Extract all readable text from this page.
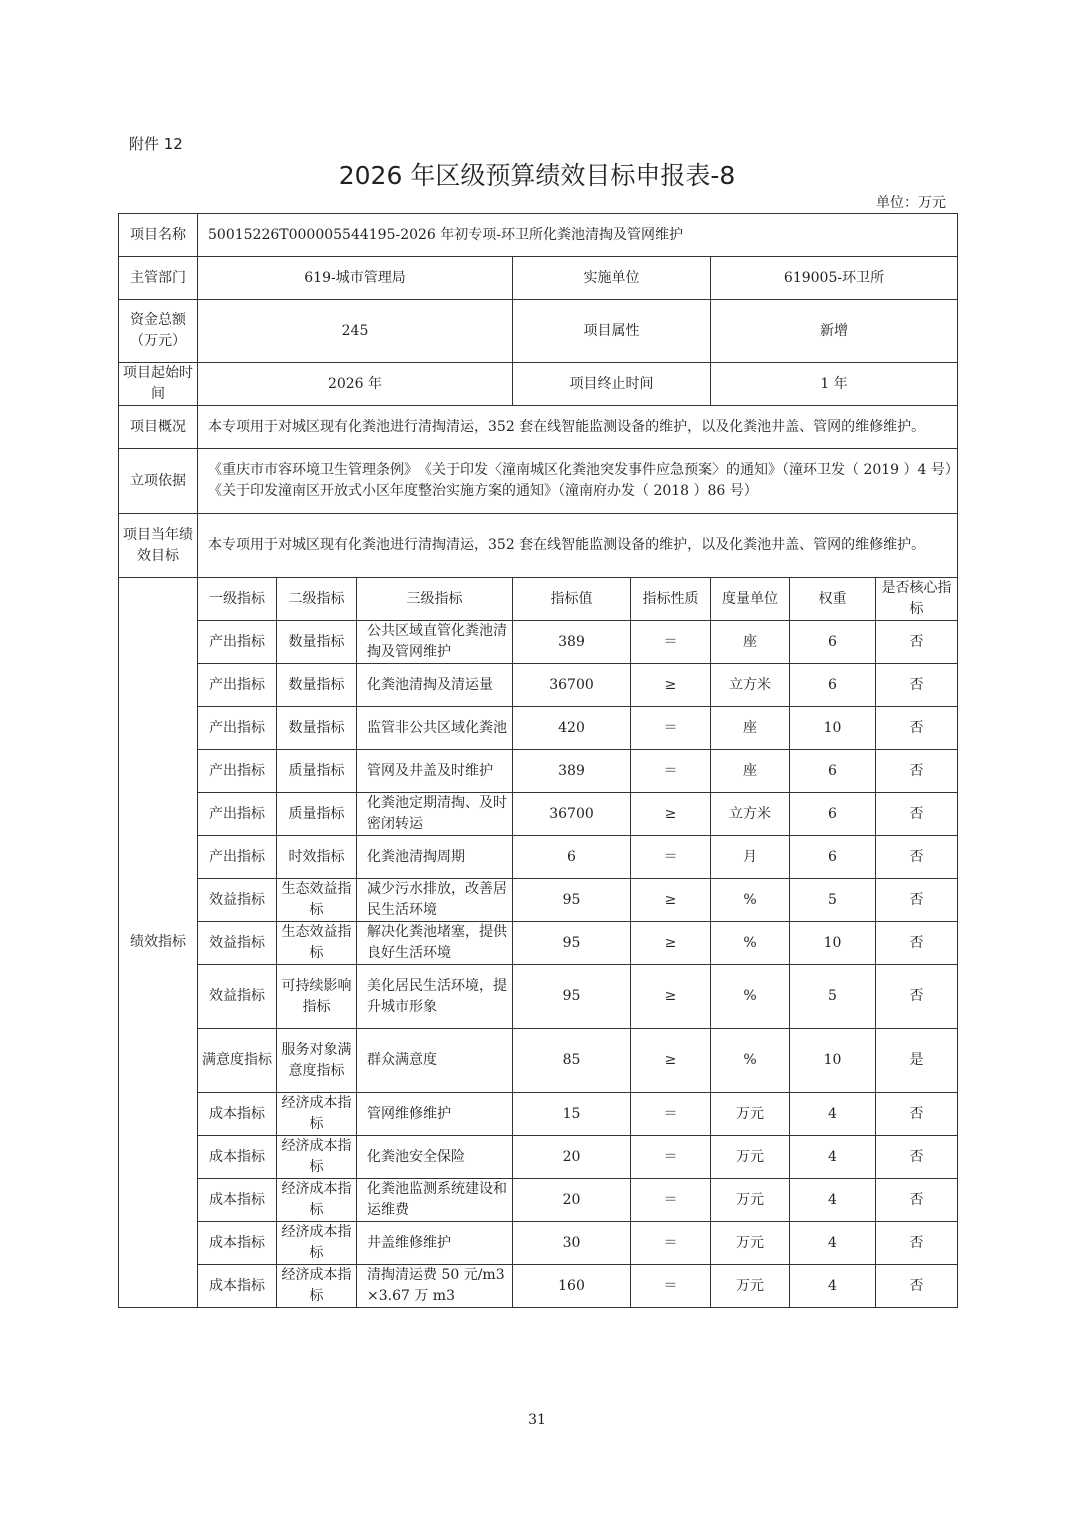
附件 12
2026 年区级预算绩效目标申报表-8
单位：万元
项目名称	50015226T000005544195-2026 年初专项-环卫所化粪池清掏及管网维护							
主管部门	619-城市管理局			实施单位		619005-环卫所		
资金总额（万元）	245			项目属性		新增		
项目起始时间	2026 年			项目终止时间		1 年		
项目概况	本专项用于对城区现有化粪池进行清掏清运，352 套在线智能监测设备的维护，以及化粪池井盖、管网的维修维护。							
立项依据	《重庆市市容环境卫生管理条例》　《关于印发〈潼南城区化粪池突发事件应急预案〉的通知》（潼环卫发（ 2019 ）4 号）　《关于印发潼南区开放式小区年度整治实施方案的通知》（潼南府办发（ 2018 ）86 号）							
项目当年绩效目标	本专项用于对城区现有化粪池进行清掏清运，352 套在线智能监测设备的维护，以及化粪池井盖、管网的维修维护。							
绩效指标	一级指标	二级指标	三级指标	指标值	指标性质	度量单位	权重	是否核心指标
	产出指标	数量指标	公共区域直管化粪池清掏及管网维护	389	＝	座	6	否
	产出指标	数量指标	化粪池清掏及清运量	36700	≥	立方米	6	否
	产出指标	数量指标	监管非公共区域化粪池	420	＝	座	10	否
	产出指标	质量指标	管网及井盖及时维护	389	＝	座	6	否
	产出指标	质量指标	化粪池定期清掏、及时密闭转运	36700	≥	立方米	6	否
	产出指标	时效指标	化粪池清掏周期	6	＝	月	6	否
	效益指标	生态效益指标	减少污水排放，改善居民生活环境	95	≥	%	5	否
	效益指标	生态效益指标	解决化粪池堵塞，提供良好生活环境	95	≥	%	10	否
	效益指标	可持续影响指标	美化居民生活环境，提升城市形象	95	≥	%	5	否
	满意度指标	服务对象满意度指标	群众满意度	85	≥	%	10	是
	成本指标	经济成本指标	管网维修维护	15	＝	万元	4	否
	成本指标	经济成本指标	化粪池安全保险	20	＝	万元	4	否
	成本指标	经济成本指标	化粪池监测系统建设和运维费	20	＝	万元	4	否
	成本指标	经济成本指标	井盖维修维护	30	＝	万元	4	否
	成本指标	经济成本指标	清掏清运费 50 元/m3 ×3.67 万 m3	160	＝	万元	4	否
31
